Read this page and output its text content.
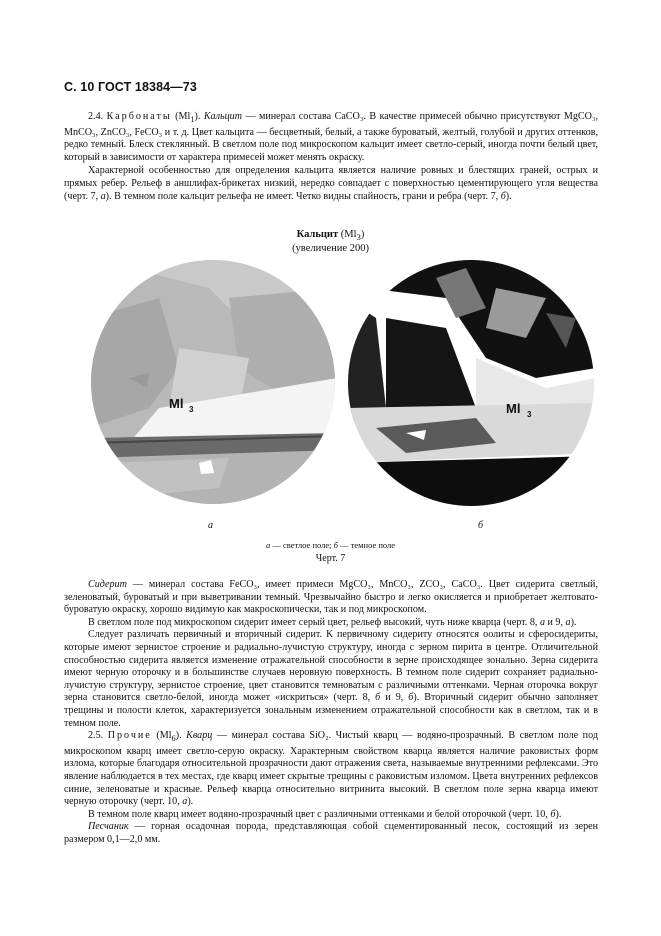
С. 10 ГОСТ 18384—73

2.4. Карбонаты $(Ml_1)$. Кальцит — минерал состава CaCO₃. В качестве примесей обычно присутствуют MgCO₃, MnCO₃, ZnCO₃, FeCO₃ и т. д. Цвет кальцита — бесцветный, белый, а также буроватый, желтый, голубой и других оттенков, редко темный. Блеск стеклянный. В светлом поле под микроскопом кальцит имеет светло-серый, иногда почти белый цвет, который в зависимости от характера примесей может менять окраску.

Характерной особенностью для определения кальцита является наличие ровных и блестящих граней, острых и прямых ребер. Рельеф в аншлифах-брикетах низкий, нередко совпадает с поверхностью цементирующего угля вещества (черт. 7, а). В темном поле кальцит рельефа не имеет. Четко видны спайность, грани и ребра (черт. 7, б).

Кальцит $(Ml_3)$
(увеличение 200)
Ml 3	Ml 3
а	б
а — светлое поле; б — темное поле
Черт. 7

Сидерит — минерал состава FeCO₃, имеет примеси MgCO₃, MnCO₃, ZCO₃, CaCO₃. Цвет сидерита светлый, зеленоватый, буроватый и при выветривании темный. Чрезвычайно быстро и легко окисляется и приобретает желтовато-буроватую окраску, хорошо видимую как макроскопически, так и под микроскопом.

В светлом поле под микроскопом сидерит имеет серый цвет, рельеф высокий, чуть ниже кварца (черт. 8, а и 9, а).

Следует различать первичный и вторичный сидерит. К первичному сидериту относятся оолиты и сферосидериты, которые имеют зернистое строение и радиально-лучистую структуру, иногда с зерном пирита в центре. Отличительной способностью сидерита является изменение отражательной способности в зерне происходящее зонально. Зерна сидерита имеют черную оторочку и в большинстве случаев неровную поверхность. В темном поле сидерит сохраняет радиально-лучистую структуру, зернистое строение, цвет становится темноватым с различными оттенками. Черная оторочка вокруг зерна становится светло-белой, иногда может «искриться» (черт. 8, б и 9, б). Вторичный сидерит обычно заполняет трещины и полости клеток, характеризуется зональным изменением отражательной способности как в светлом, так и в темном поле.

2.5. Прочие $(Ml_6)$. Кварц — минерал состава SiO₂. Чистый кварц — водяно-прозрачный. В светлом поле под микроскопом кварц имеет светло-серую окраску. Характерным свойством кварца является наличие раковистых форм излома, которые благодаря относительной прозрачности дают отражения света, называемые внутренними рефлексами. Это явление наблюдается в тех местах, где кварц имеет скрытые трещины с раковистым изломом. Цвета внутренних рефлексов синие, зеленоватые и красные. Рельеф кварца относительно витринита высокий. В светлом поле зерна кварца имеют черную оторочку (черт. 10, а).

В темном поле кварц имеет водяно-прозрачный цвет с различными оттенками и белой оторочкой (черт. 10, б).

Песчаник — горная осадочная порода, представляющая собой сцементированный песок, состоящий из зерен размером 0,1—2,0 мм.
